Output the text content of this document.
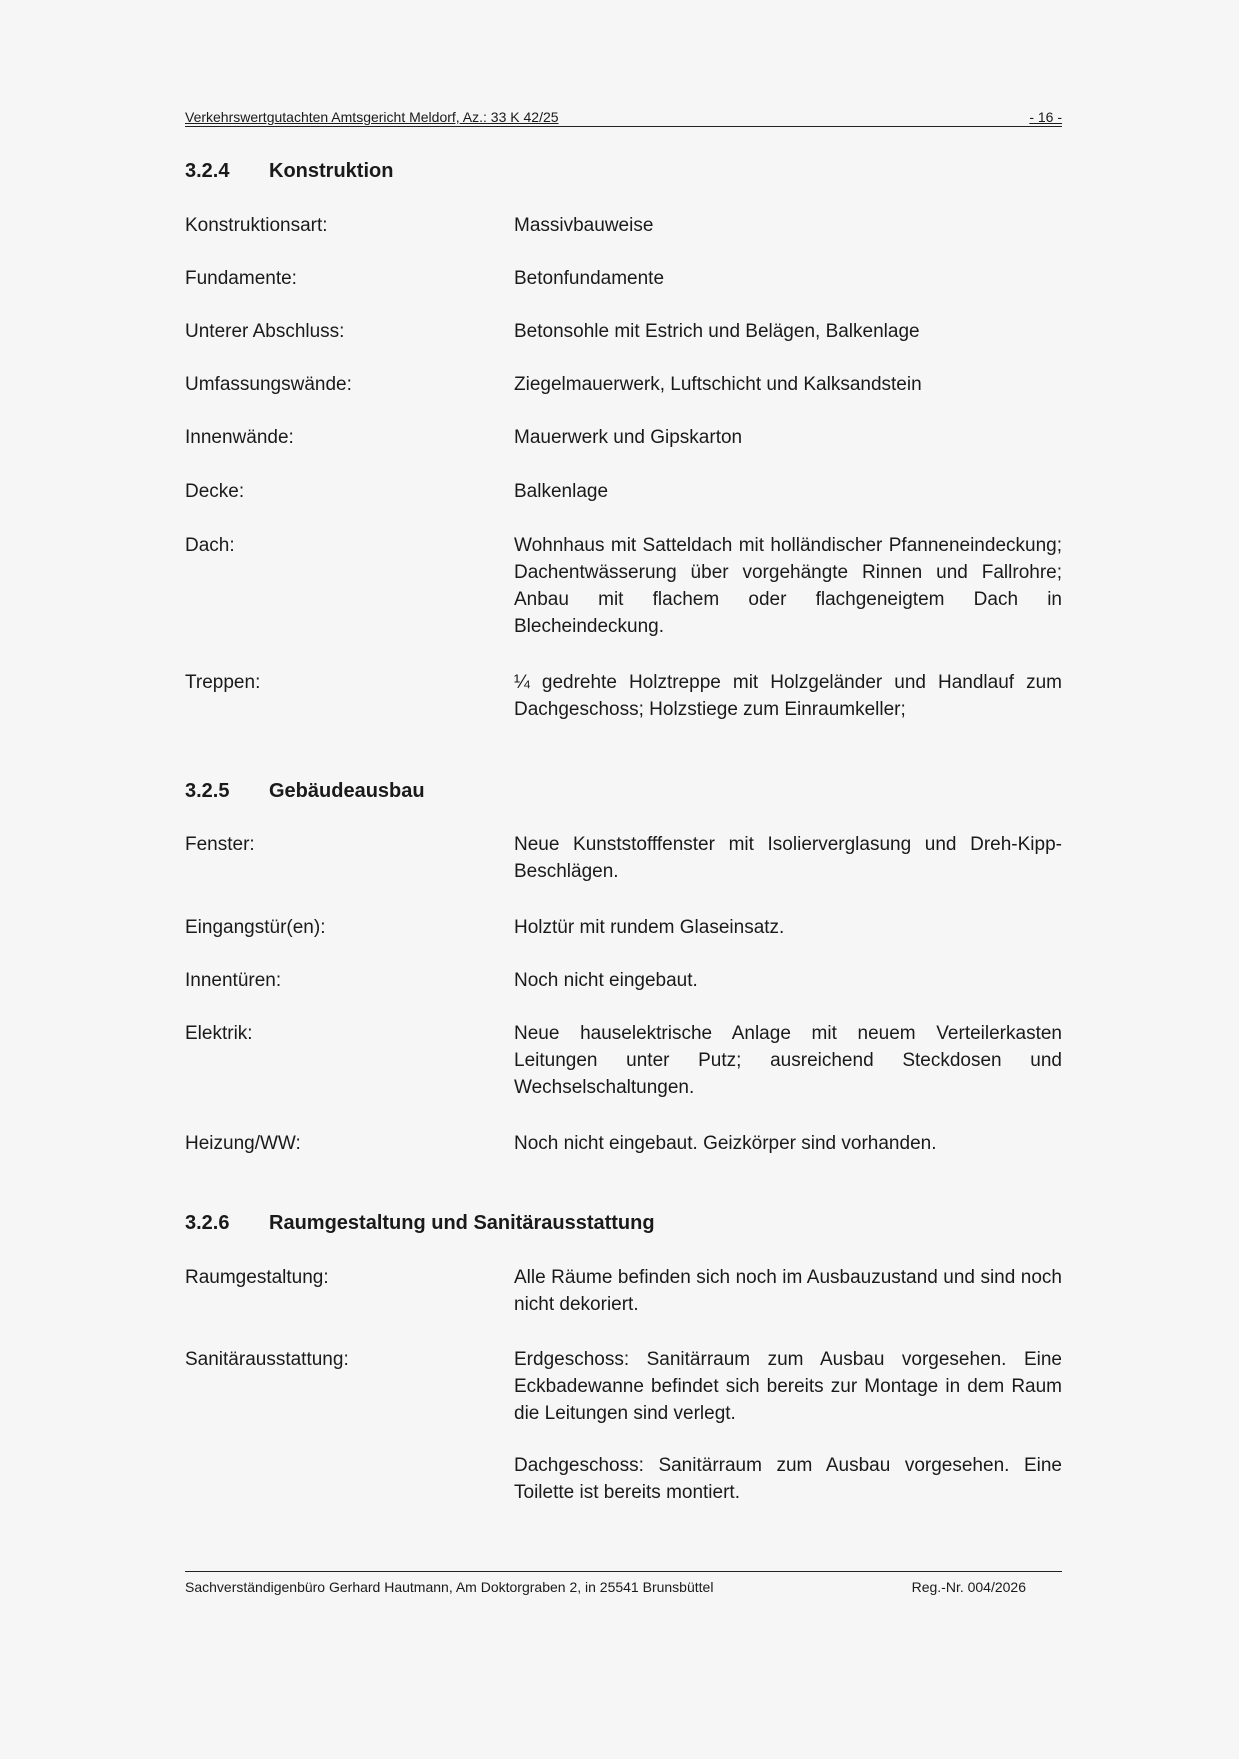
Verkehrswertgutachten Amtsgericht Meldorf, Az.: 33 K 42/25	- 16 -
3.2.4 Konstruktion
Konstruktionsart:	Massivbauweise
Fundamente:	Betonfundamente
Unterer Abschluss:	Betonsohle mit Estrich und Belägen, Balkenlage
Umfassungswände:	Ziegelmauerwerk, Luftschicht und Kalksandstein
Innenwände:	Mauerwerk und Gipskarton
Decke:	Balkenlage
Dach:	Wohnhaus mit Satteldach mit holländischer Pfanneneindeckung; Dachentwässerung über vorgehängte Rinnen und Fallrohre; Anbau mit flachem oder flachgeneigtem Dach in Blecheindeckung.
Treppen:	¼ gedrehte Holztreppe mit Holzgeländer und Handlauf zum Dachgeschoss; Holzstiege zum Einraumkeller;
3.2.5 Gebäudeausbau
Fenster:	Neue Kunststofffenster mit Isolierverglasung und Dreh-Kipp-Beschlägen.
Eingangstür(en):	Holztür mit rundem Glaseinsatz.
Innentüren:	Noch nicht eingebaut.
Elektrik:	Neue hauselektrische Anlage mit neuem Verteilerkasten Leitungen unter Putz; ausreichend Steckdosen und Wechselschaltungen.
Heizung/WW:	Noch nicht eingebaut. Geizkörper sind vorhanden.
3.2.6 Raumgestaltung und Sanitärausstattung
Raumgestaltung:	Alle Räume befinden sich noch im Ausbauzustand und sind noch nicht dekoriert.
Sanitärausstattung:	Erdgeschoss: Sanitärraum zum Ausbau vorgesehen. Eine Eckbadewanne befindet sich bereits zur Montage in dem Raum die Leitungen sind verlegt.
Dachgeschoss: Sanitärraum zum Ausbau vorgesehen. Eine Toilette ist bereits montiert.
Sachverständigenbüro Gerhard Hautmann, Am Doktorgraben 2, in 25541 Brunsbüttel	Reg.-Nr. 004/2026
